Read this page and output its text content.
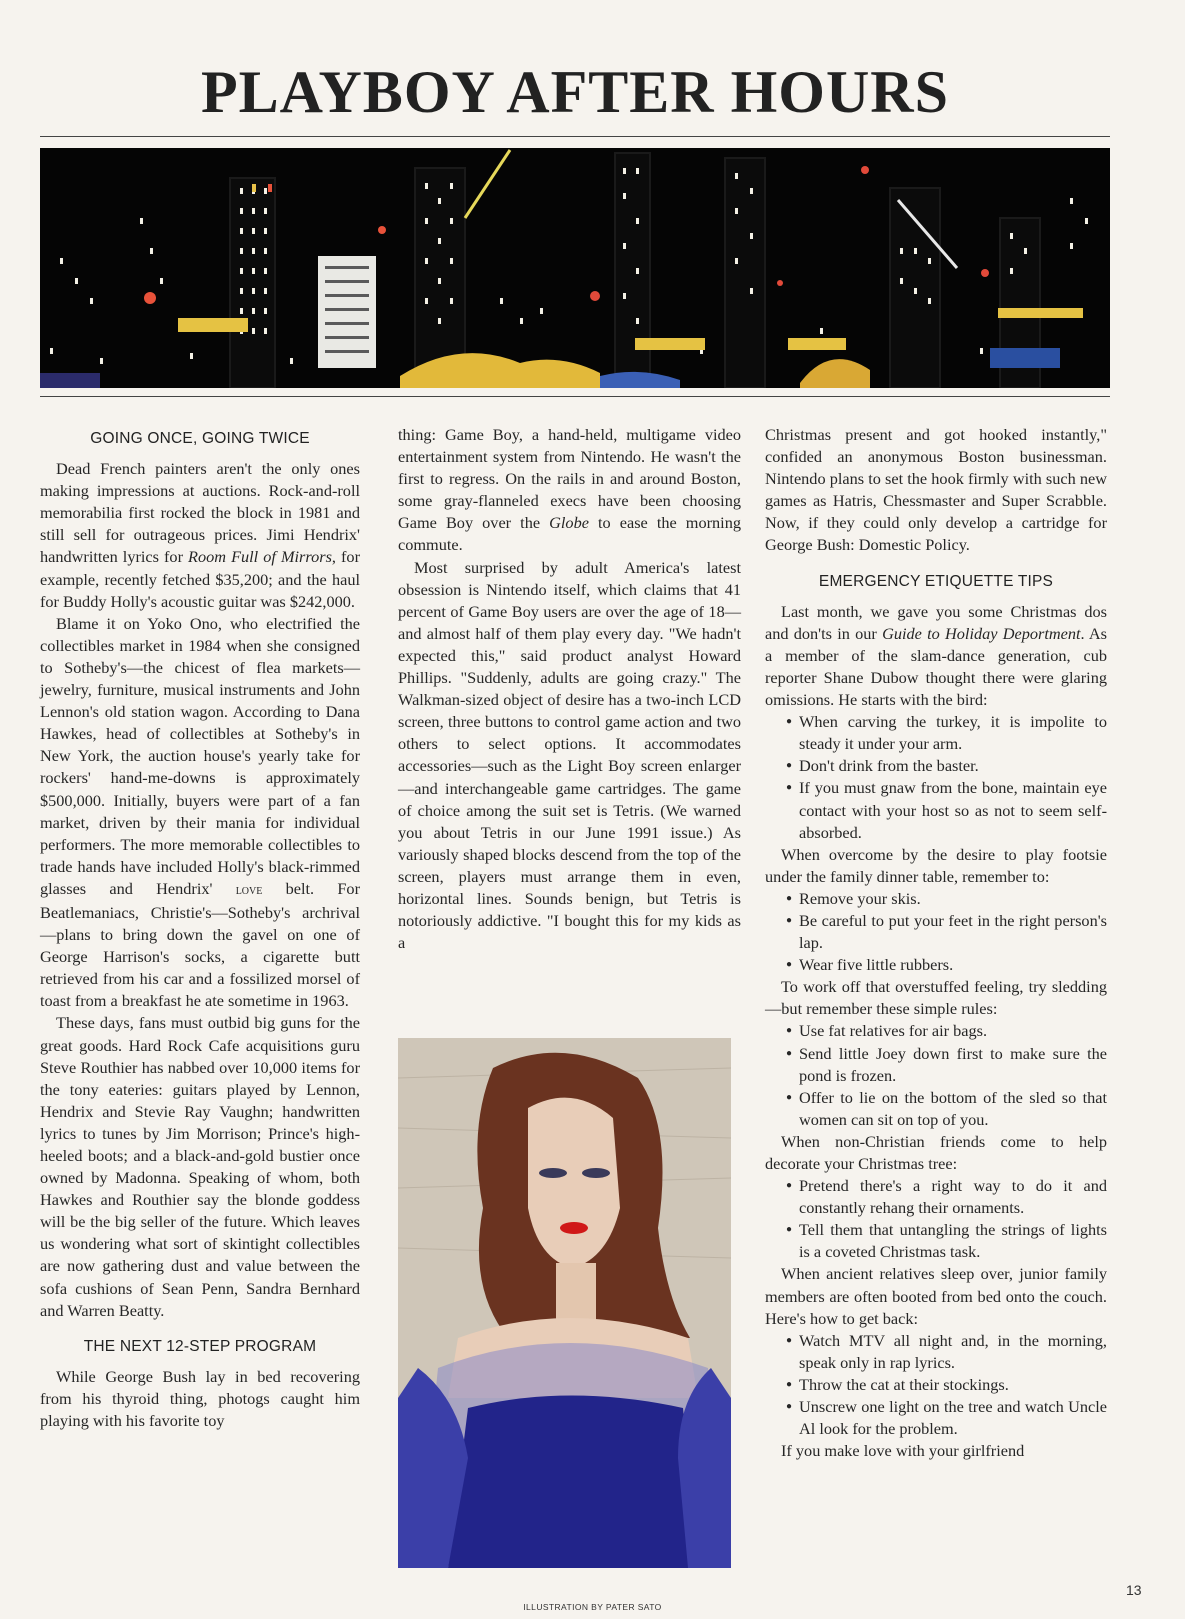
PLAYBOY AFTER HOURS
GOING ONCE, GOING TWICE

Dead French painters aren't the only ones making impressions at auctions. Rock-and-roll memorabilia first rocked the block in 1981 and still sell for outrageous prices. Jimi Hendrix' handwritten lyrics for Room Full of Mirrors, for example, recently fetched $35,200; and the haul for Buddy Holly's acoustic guitar was $242,000.

Blame it on Yoko Ono, who electrified the collectibles market in 1984 when she consigned to Sotheby's—the chicest of flea markets—jewelry, furniture, musical instruments and John Lennon's old station wagon. According to Dana Hawkes, head of collectibles at Sotheby's in New York, the auction house's yearly take for rockers' hand-me-downs is approximately $500,000. Initially, buyers were part of a fan market, driven by their mania for individual performers. The more memorable collectibles to trade hands have included Holly's black-rimmed glasses and Hendrix' love belt. For Beatlemaniacs, Christie's—Sotheby's archrival—plans to bring down the gavel on one of George Harrison's socks, a cigarette butt retrieved from his car and a fossilized morsel of toast from a breakfast he ate sometime in 1963.

These days, fans must outbid big guns for the great goods. Hard Rock Cafe acquisitions guru Steve Routhier has nabbed over 10,000 items for the tony eateries: guitars played by Lennon, Hendrix and Stevie Ray Vaughn; handwritten lyrics to tunes by Jim Morrison; Prince's high-heeled boots; and a black-and-gold bustier once owned by Madonna. Speaking of whom, both Hawkes and Routhier say the blonde goddess will be the big seller of the future. Which leaves us wondering what sort of skintight collectibles are now gathering dust and value between the sofa cushions of Sean Penn, Sandra Bernhard and Warren Beatty.

THE NEXT 12-STEP PROGRAM

While George Bush lay in bed recovering from his thyroid thing, photogs caught him playing with his favorite toy

thing: Game Boy, a hand-held, multigame video entertainment system from Nintendo. He wasn't the first to regress. On the rails in and around Boston, some gray-flanneled execs have been choosing Game Boy over the Globe to ease the morning commute.

Most surprised by adult America's latest obsession is Nintendo itself, which claims that 41 percent of Game Boy users are over the age of 18—and almost half of them play every day. "We hadn't expected this," said product analyst Howard Phillips. "Suddenly, adults are going crazy." The Walkman-sized object of desire has a two-inch LCD screen, three buttons to control game action and two others to select options. It accommodates accessories—such as the Light Boy screen enlarger—and interchangeable game cartridges. The game of choice among the suit set is Tetris. (We warned you about Tetris in our June 1991 issue.) As variously shaped blocks descend from the top of the screen, players must arrange them in even, horizontal lines. Sounds benign, but Tetris is notoriously addictive. "I bought this for my kids as a

Christmas present and got hooked instantly," confided an anonymous Boston businessman. Nintendo plans to set the hook firmly with such new games as Hatris, Chessmaster and Super Scrabble. Now, if they could only develop a cartridge for George Bush: Domestic Policy.

EMERGENCY ETIQUETTE TIPS

Last month, we gave you some Christmas dos and don'ts in our Guide to Holiday Deportment. As a member of the slam-dance generation, cub reporter Shane Dubow thought there were glaring omissions. He starts with the bird:

● When carving the turkey, it is impolite to steady it under your arm.
● Don't drink from the baster.
● If you must gnaw from the bone, maintain eye contact with your host so as not to seem self-absorbed.

When overcome by the desire to play footsie under the family dinner table, remember to:

● Remove your skis.
● Be careful to put your feet in the right person's lap.
● Wear five little rubbers.

To work off that overstuffed feeling, try sledding—but remember these simple rules:

● Use fat relatives for air bags.
● Send little Joey down first to make sure the pond is frozen.
● Offer to lie on the bottom of the sled so that women can sit on top of you.

When non-Christian friends come to help decorate your Christmas tree:

● Pretend there's a right way to do it and constantly rehang their ornaments.
● Tell them that untangling the strings of lights is a coveted Christmas task.

When ancient relatives sleep over, junior family members are often booted from bed onto the couch. Here's how to get back:

● Watch MTV all night and, in the morning, speak only in rap lyrics.
● Throw the cat at their stockings.
● Unscrew one light on the tree and watch Uncle Al look for the problem.

If you make love with your girlfriend

ILLUSTRATION BY PATER SATO
13
